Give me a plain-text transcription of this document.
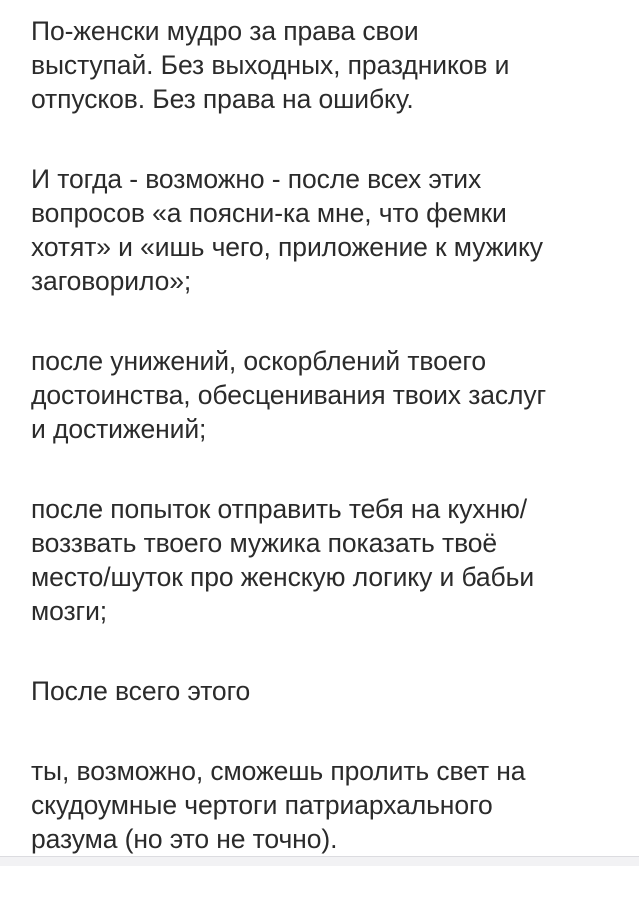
По-женски мудро за права свои
выступай. Без выходных, праздников и
отпусков. Без права на ошибку.

И тогда - возможно - после всех этих
вопросов «а поясни-ка мне, что фемки
хотят» и «ишь чего, приложение к мужику
заговорило»;

после унижений, оскорблений твоего
достоинства, обесценивания твоих заслуг
и достижений;

после попыток отправить тебя на кухню/
воззвать твоего мужика показать твоё
место/шуток про женскую логику и бабьи
мозги;

После всего этого

ты, возможно, сможешь пролить свет на
скудоумные чертоги патриархального
разума (но это не точно).
